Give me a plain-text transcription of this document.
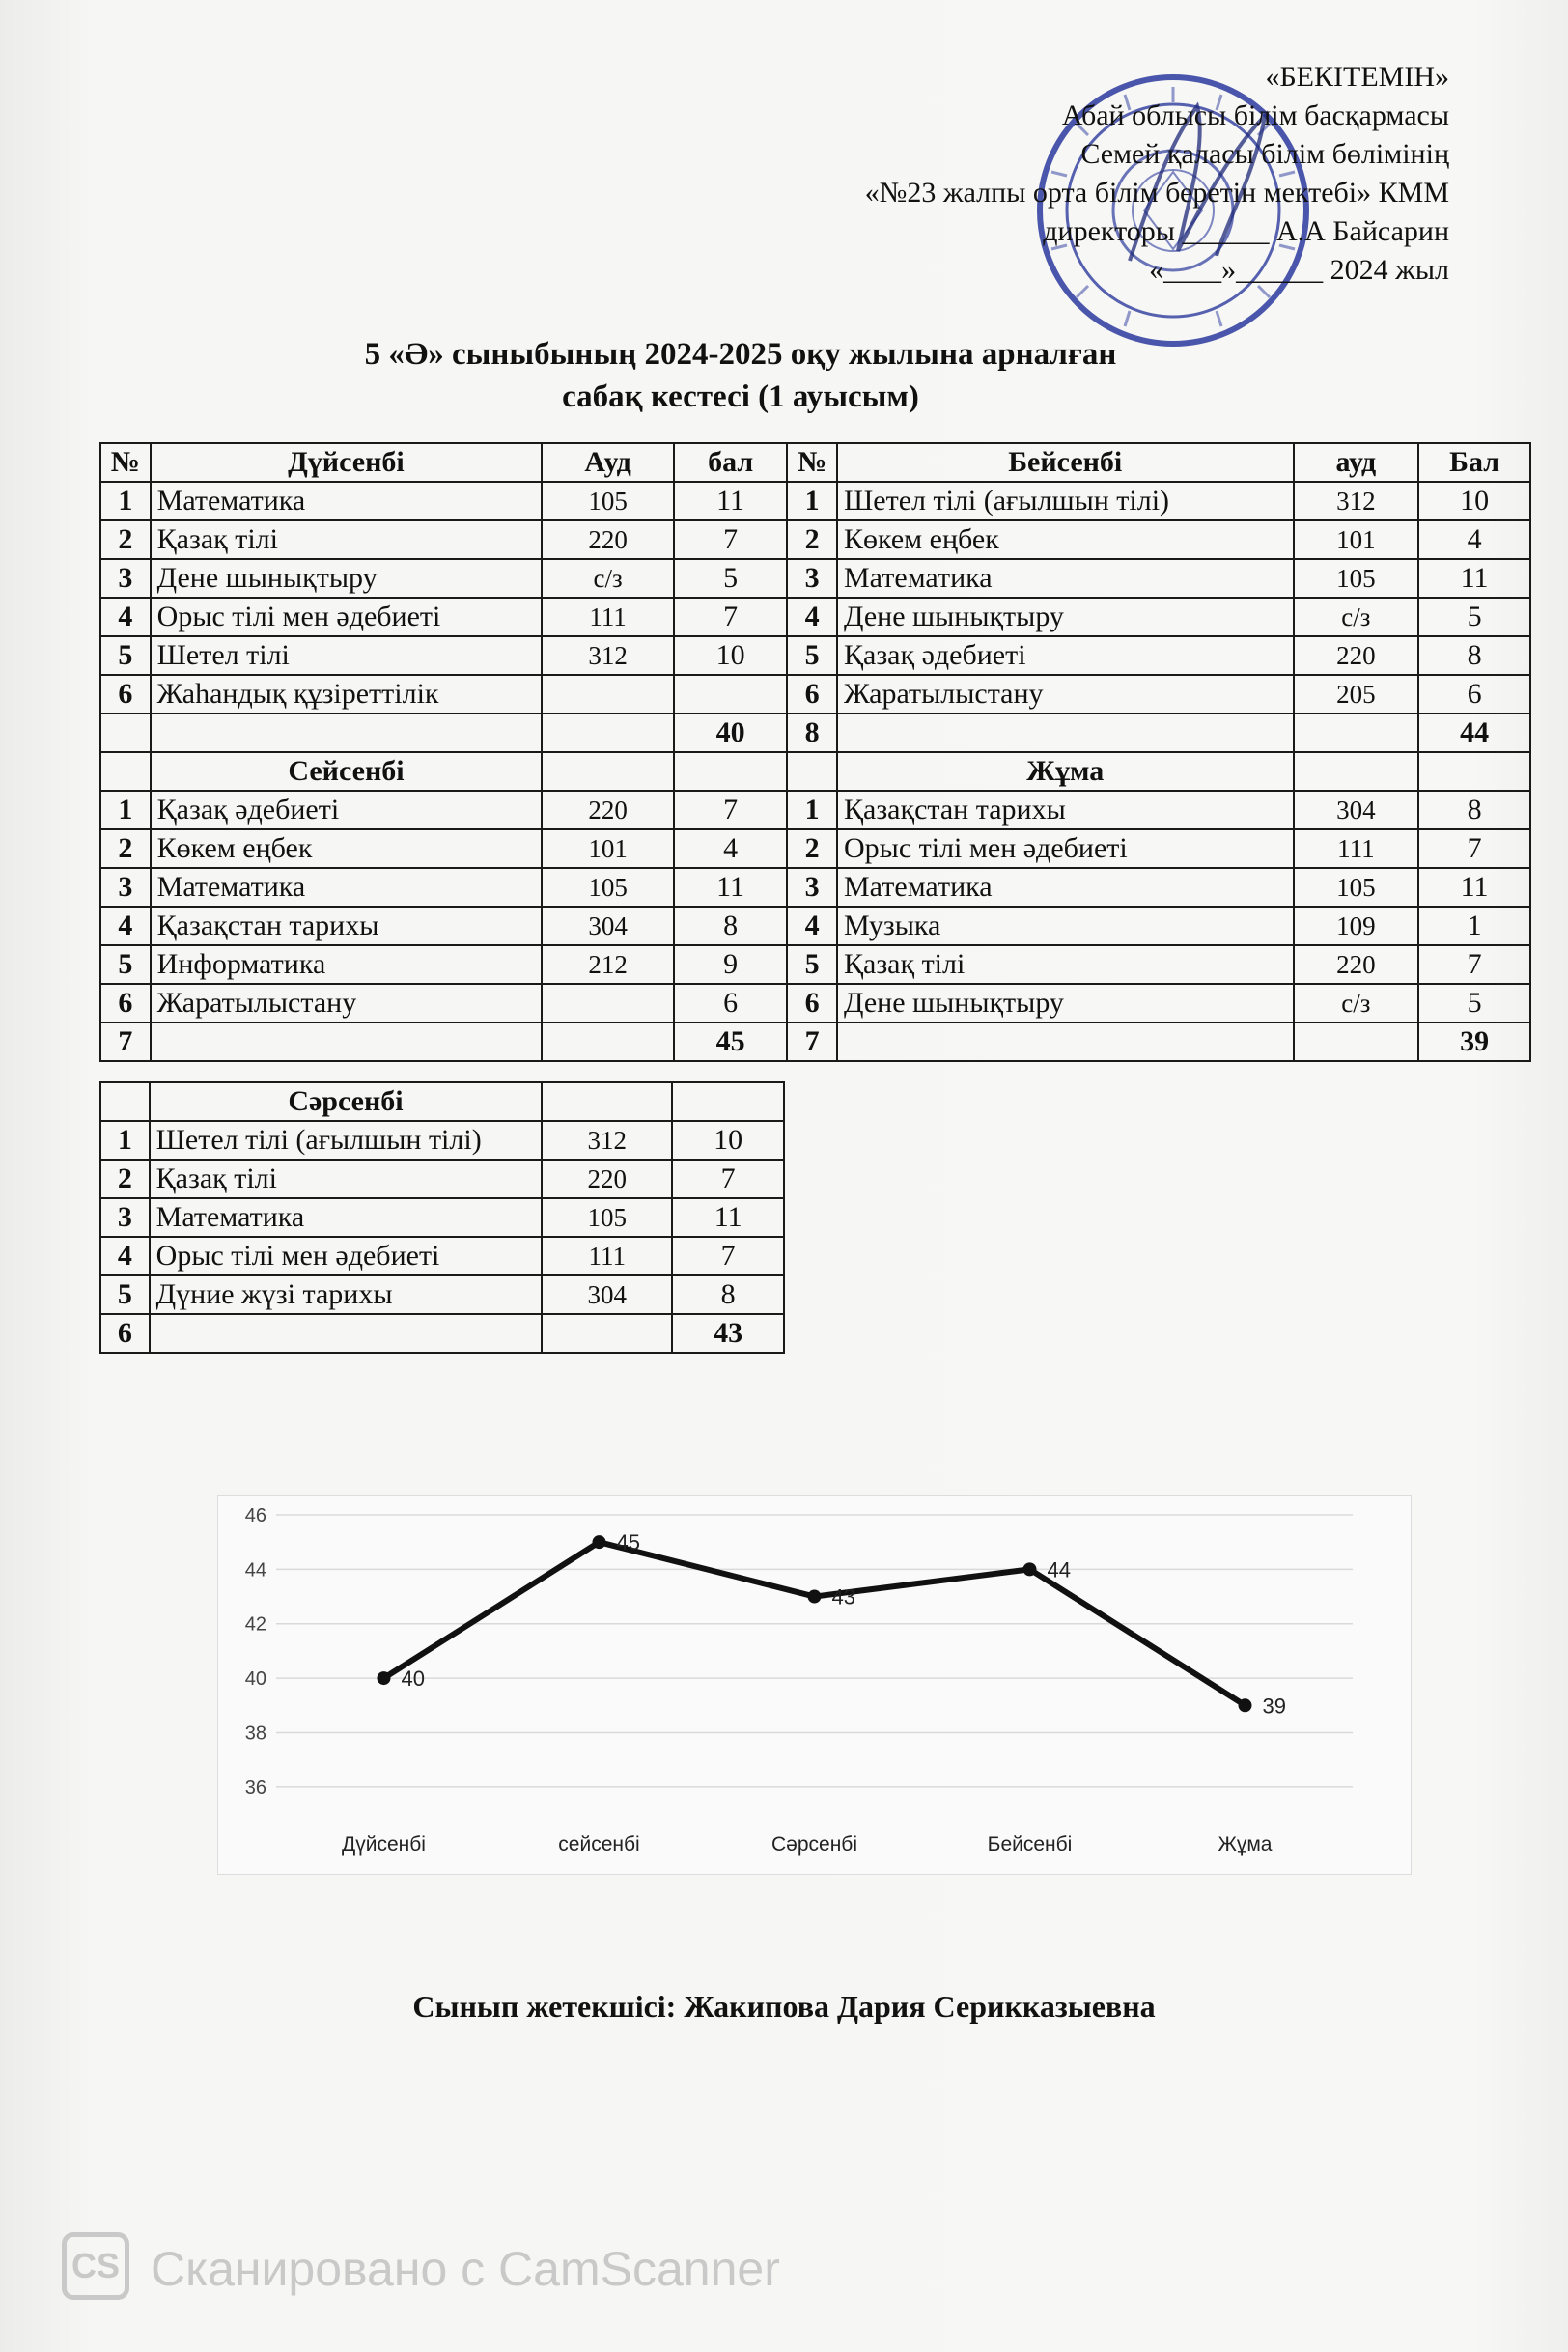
«БЕКІТЕМІН»
Абай облысы білім басқармасы
Семей қаласы білім бөлімінің
«№23 жалпы орта білім беретін мектебі» КММ
директоры ______ А.А Байсарин
«____»______ 2024 жыл
5 «Ә» сыныбының 2024-2025 оқу жылына арналған
сабақ кестесі (1 ауысым)
№	Дүйсенбі	Ауд	бал	№	Бейсенбі	ауд	Бал
1	Математика	105	11	1	Шетел тілі (ағылшын тілі)	312	10
2	Қазақ тілі	220	7	2	Көкем еңбек	101	4
3	Дене шынықтыру	с/з	5	3	Математика	105	11
4	Орыс тілі мен әдебиеті	111	7	4	Дене шынықтыру	с/з	5
5	Шетел тілі	312	10	5	Қазақ әдебиеті	220	8
6	Жаһандық құзіреттілік			6	Жаратылыстану	205	6
			40	8			44
	Сейсенбі				Жұма		
1	Қазақ әдебиеті	220	7	1	Қазақстан тарихы	304	8
2	Көкем еңбек	101	4	2	Орыс тілі мен әдебиеті	111	7
3	Математика	105	11	3	Математика	105	11
4	Қазақстан тарихы	304	8	4	Музыка	109	1
5	Информатика	212	9	5	Қазақ тілі	220	7
6	Жаратылыстану		6	6	Дене шынықтыру	с/з	5
7			45	7			39
	Сәрсенбі		
1	Шетел тілі (ағылшын тілі)	312	10
2	Қазақ тілі	220	7
3	Математика	105	11
4	Орыс тілі мен әдебиеті	111	7
5	Дүние жүзі тарихы	304	8
6			43
36
38
40
42
44
46
40
45
43
44
39
Дүйсенбі	сейсенбі	Сәрсенбі	Бейсенбі	Жұма
Сынып жетекшісі: Жакипова Дария Серикказыевна
CS Сканировано с CamScanner
